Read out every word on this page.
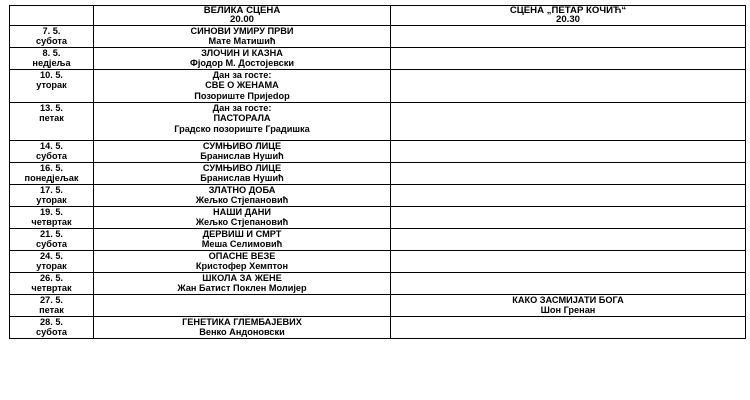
	ВЕЛИКА СЦЕНА
20.00	СЦЕНА „ПЕТАР КОЧИЋ“
20.30

7. 5.
субота	СИНОВИ УМИРУ ПРВИ
Мате Матишић	

8. 5.
недјеља	ЗЛОЧИН И КАЗНА
Фјодор М. Достојевски	

10. 5.
уторак	Дан за госте:
СВЕ О ЖЕНАМА
Позориште Пријedор	

13. 5.
петак	Дан за госте:
ПАСТОРАЛА
Градско позориште Градишка	

14. 5.
субота	СУМЊИВО ЛИЦЕ
Бранислав Нушић	

16. 5.
понедјељак	СУМЊИВО ЛИЦЕ
Бранислав Нушић	

17. 5.
уторак	ЗЛАТНО ДОБА
Жељко Стјепановић	

19. 5.
четвртак	НАШИ ДАНИ
Жељко Стјепановић	

21. 5.
субота	ДЕРВИШ И СМРТ
Меша Селимовић	

24. 5.
уторак	ОПАСНЕ ВЕЗЕ
Кристофер Хемптон	

26. 5.
четвртак	ШКОЛА ЗА ЖЕНЕ
Жан Батист Поклен Молијер	

27. 5.
петак		КАКО ЗАСМИЈАТИ БОГА
Шон Гренан

28. 5.
субота	ГЕНЕТИКА ГЛЕМБАЈЕВИХ
Венко Андоновски	
